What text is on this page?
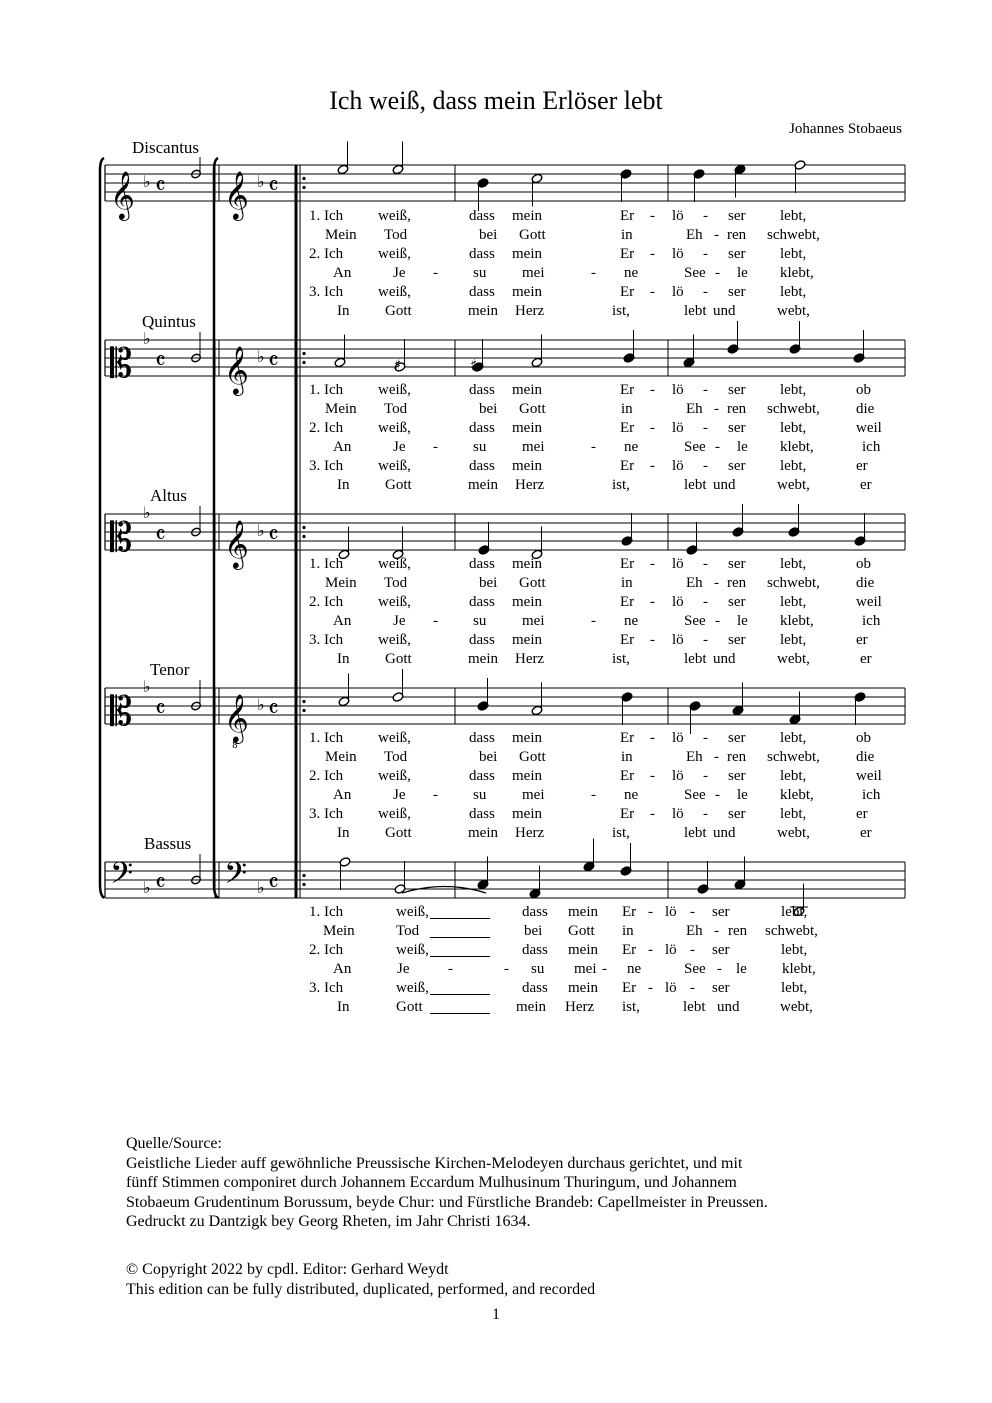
Ich weiß, dass mein Erlöser lebt
Johannes Stobaeus
𝄞 𝄞
♭	♭
𝄴	𝄴
𝄡 𝄞
♭
♭
𝄴	𝄴
𝄡 𝄞
♭
♭
𝄴	𝄴
𝄡 𝄞
8
♭
♭
𝄴	𝄴
𝄢	𝄢
♭	♭
𝄴	𝄴
♯	♯
Discantus
Quintus
Altus
Tenor
Bassus
1. Ich weiß,	dass mein	Er - lö - ser lebt,
Mein Tod	bei Gott	in	Eh - ren schwebt,
2. Ich weiß,	dass mein	Er - lö - ser lebt,
An	Je - su mei	- ne	See - le klebt,
3. Ich weiß,	dass mein	Er - lö - ser lebt,
In Gott	mein Herz	ist,	lebt und	webt,
1. Ich weiß,	dass mein	Er - lö - ser lebt,	ob
Mein Tod	bei Gott	in	Eh - ren schwebt, die
2. Ich weiß,	dass mein	Er - lö - ser lebt,	weil
An	Je - su mei	- ne	See - le klebt,	ich
3. Ich weiß,	dass mein	Er - lö - ser lebt,	er
In Gott	mein Herz	ist,	lebt und	webt,	er
1. Ich weiß,	dass mein	Er - lö - ser lebt,	ob
Mein Tod	bei Gott	in	Eh - ren schwebt, die
2. Ich weiß,	dass mein	Er - lö - ser lebt,	weil
An	Je - su mei	- ne	See - le klebt,	ich
3. Ich weiß,	dass mein	Er - lö - ser lebt,	er
In Gott	mein Herz	ist,	lebt und	webt,	er
1. Ich weiß,	dass mein	Er - lö - ser lebt,	ob
Mein Tod	bei Gott	in	Eh - ren schwebt, die
2. Ich weiß,	dass mein	Er - lö - ser lebt,	weil
An	Je - su mei	- ne	See - le klebt,	ich
3. Ich weiß,	dass mein	Er - lö - ser lebt,	er
In Gott	mein Herz	ist,	lebt und	webt,	er
1. Ich	weiß,	dass mein Er - lö - ser	lebt,
Mein	Tod	bei Gott in	Eh - ren schwebt,
2. Ich	weiß,	dass mein Er - lö - ser	lebt,
An	Je	-	- su mei - ne	See - le klebt,
3. Ich	weiß,	dass mein Er - lö - ser	lebt,
In	Gott	mein Herz ist,	lebt und	webt,
Quelle/Source:
Geistliche Lieder auff gewöhnliche Preussische Kirchen-Melodeyen durchaus gerichtet, und mit
fünff Stimmen componiret durch Johannem Eccardum Mulhusinum Thuringum, und Johannem
Stobaeum Grudentinum Borussum, beyde Chur: und Fürstliche Brandeb: Capellmeister in Preussen.
Gedruckt zu Dantzigk bey Georg Rheten, im Jahr Christi 1634.
© Copyright 2022 by cpdl. Editor: Gerhard Weydt
This edition can be fully distributed, duplicated, performed, and recorded
1
